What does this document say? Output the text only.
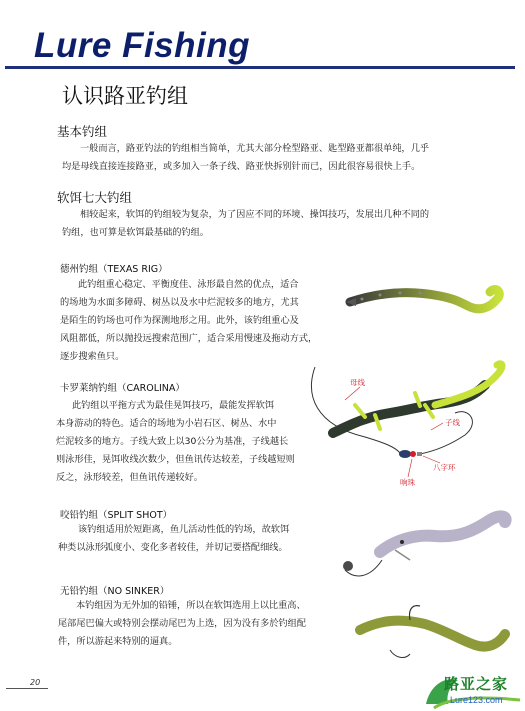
Lure Fishing
认识路亚钓组
基本钓组
一般而言，路亚钓法的钓组相当简单，尤其大部分栓型路亚、匙型路亚都很单纯，几乎
均是母线直接连接路亚，或多加入一条子线、路亚快拆别针而已，因此很容易很快上手。
软饵七大钓组
相较起来，软饵的钓组较为复杂，为了因应不同的环境、操饵技巧，发展出几种不同的
钓组，也可算是软饵最基础的钓组。
德州钓组（TEXAS RIG）
此钓组重心稳定、平衡度佳、泳形最自然的优点，适合
的场地为水面多障碍、树丛以及水中烂泥较多的地方，尤其
是陌生的钓场也可作为探测地形之用。此外，该钓组重心及
风阻都低，所以抛投远搜索范围广，适合采用慢速及拖动方式，
逐步搜索鱼只。
卡罗莱纳钓组（CAROLINA）
此钓组以平拖方式为最佳晃饵技巧，最能发挥软饵
本身游动的特色。适合的场地为小岩石区、树丛、水中
烂泥较多的地方。子线大致上以30公分为基准，子线越长
则泳形佳，晃饵收线次数少，但鱼讯传达较差，子线越短则
反之，泳形较差，但鱼讯传递较好。
母线
子线
八字环
响珠
咬铅钓组（SPLIT SHOT）
该钓组适用於短距离，鱼儿活动性低的钓场，故软饵
种类以泳形弧度小、变化多者较佳，并切记要搭配细线。
无铅钓组（NO SINKER）
本钓组因为无外加的铅锤，所以在软饵选用上以比重高、
尾部尾巴偏大或特别会摆动尾巴为上选，因为没有多於钓组配
件，所以游起来特别的逼真。
20	路亚之家
Lure123.com
